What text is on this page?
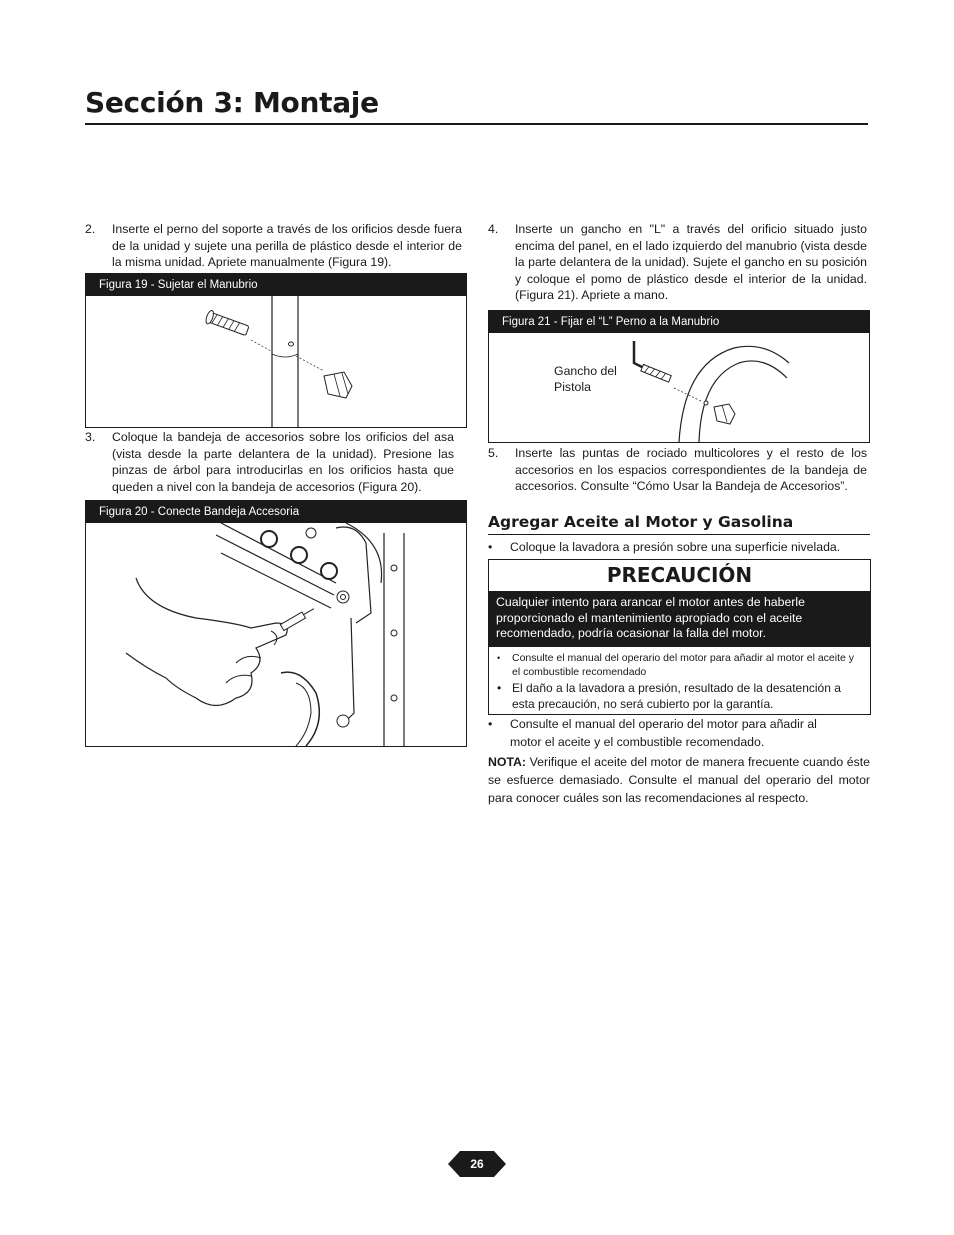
Sección 3: Montaje
2. Inserte el perno del soporte a través de los orificios desde fuera de la unidad y sujete una perilla de plástico desde el interior de la misma unidad. Apriete manualmente (Figura 19).
Figura 19 - Sujetar el Manubrio
3. Coloque la bandeja de accesorios sobre los orificios del asa (vista desde la parte delantera de la unidad). Presione las pinzas de árbol para introducirlas en los orificios hasta que queden a nivel con la bandeja de accesorios (Figura 20).
Figura 20 - Conecte Bandeja Accesoria
4. Inserte un gancho en "L" a través del orificio situado justo encima del panel, en el lado izquierdo del manubrio (vista desde la parte delantera de la unidad). Sujete el gancho en su posición y coloque el pomo de plástico desde el interior de la unidad. (Figura 21). Apriete a mano.
Figura 21 - Fijar el “L” Perno a la Manubrio
Gancho del
Pistola
5. Inserte las puntas de rociado multicolores y el resto de los accesorios en los espacios correspondientes de la bandeja de accesorios. Consulte “Cómo Usar la Bandeja de Accesorios”.
Agregar Aceite al Motor y Gasolina
• Coloque la lavadora a presión sobre una superficie nivelada.
PRECAUCIÓN
Cualquier intento para arancar el motor antes de haberle proporcionado el mantenimiento apropiado con el aceite recomendado, podría ocasionar la falla del motor.
• Consulte el manual del operario del motor para añadir al motor el aceite y el combustible recomendado
• El daño a la lavadora a presión, resultado de la desatención a esta precaución, no será cubierto por la garantía.
• Consulte el manual del operario del motor para añadir al motor el aceite y el combustible recomendado.
NOTA: Verifique el aceite del motor de manera frecuente cuando éste se esfuerce demasiado. Consulte el manual del operario del motor para conocer cuáles son las recomendaciones al respecto.
26
